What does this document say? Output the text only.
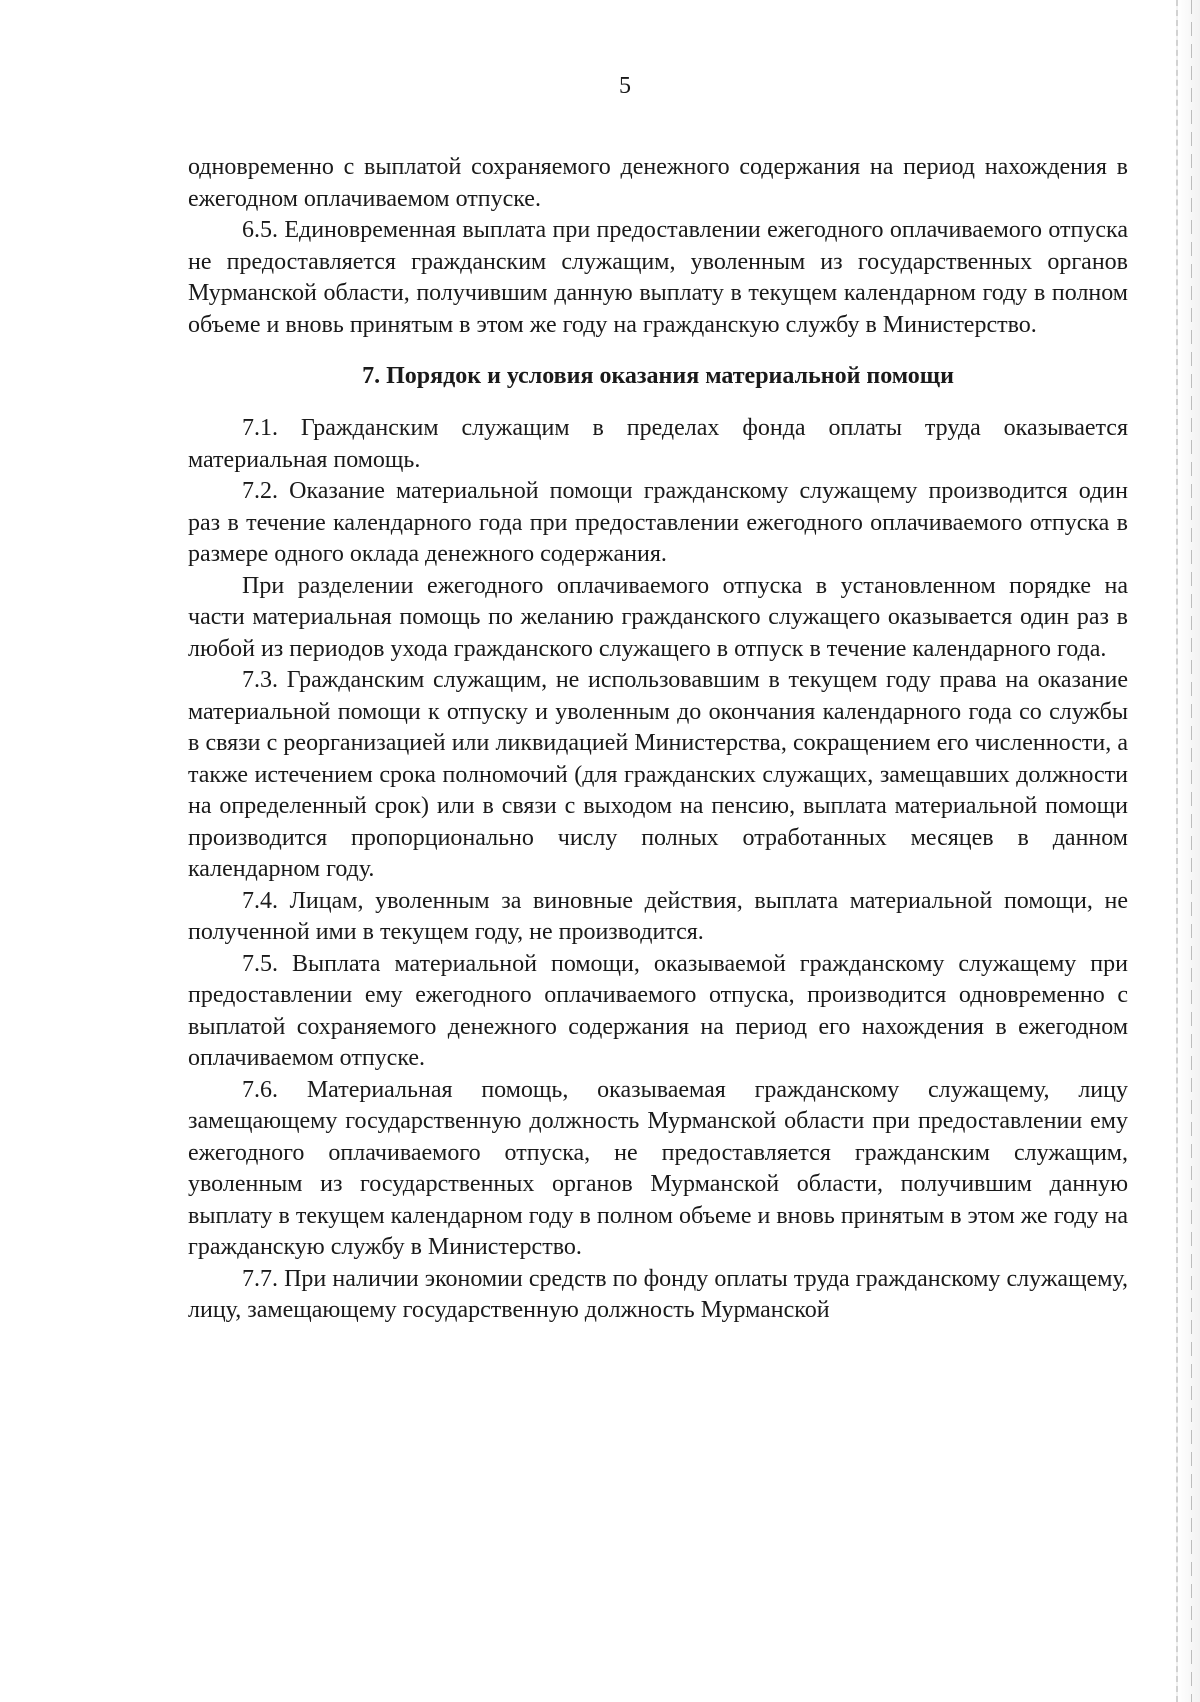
5

одновременно с выплатой сохраняемого денежного содержания на период нахождения в ежегодном оплачиваемом отпуске.

6.5. Единовременная выплата при предоставлении ежегодного оплачиваемого отпуска не предоставляется гражданским служащим, уволенным из государственных органов Мурманской области, получившим данную выплату в текущем календарном году в полном объеме и вновь принятым в этом же году на гражданскую службу в Министерство.

7. Порядок и условия оказания материальной помощи

7.1. Гражданским служащим в пределах фонда оплаты труда оказывается материальная помощь.

7.2. Оказание материальной помощи гражданскому служащему производится один раз в течение календарного года при предоставлении ежегодного оплачиваемого отпуска в размере одного оклада денежного содержания.

При разделении ежегодного оплачиваемого отпуска в установленном порядке на части материальная помощь по желанию гражданского служащего оказывается один раз в любой из периодов ухода гражданского служащего в отпуск в течение календарного года.

7.3. Гражданским служащим, не использовавшим в текущем году права на оказание материальной помощи к отпуску и уволенным до окончания календарного года со службы в связи с реорганизацией или ликвидацией Министерства, сокращением его численности, а также истечением срока полномочий (для гражданских служащих, замещавших должности на определенный срок) или в связи с выходом на пенсию, выплата материальной помощи производится пропорционально числу полных отработанных месяцев в данном календарном году.

7.4. Лицам, уволенным за виновные действия, выплата материальной помощи, не полученной ими в текущем году, не производится.

7.5. Выплата материальной помощи, оказываемой гражданскому служащему при предоставлении ему ежегодного оплачиваемого отпуска, производится одновременно с выплатой сохраняемого денежного содержания на период его нахождения в ежегодном оплачиваемом отпуске.

7.6. Материальная помощь, оказываемая гражданскому служащему, лицу замещающему государственную должность Мурманской области при предоставлении ему ежегодного оплачиваемого отпуска, не предоставляется гражданским служащим, уволенным из государственных органов Мурманской области, получившим данную выплату в текущем календарном году в полном объеме и вновь принятым в этом же году на гражданскую службу в Министерство.

7.7. При наличии экономии средств по фонду оплаты труда гражданскому служащему, лицу, замещающему государственную должность Мурманской
